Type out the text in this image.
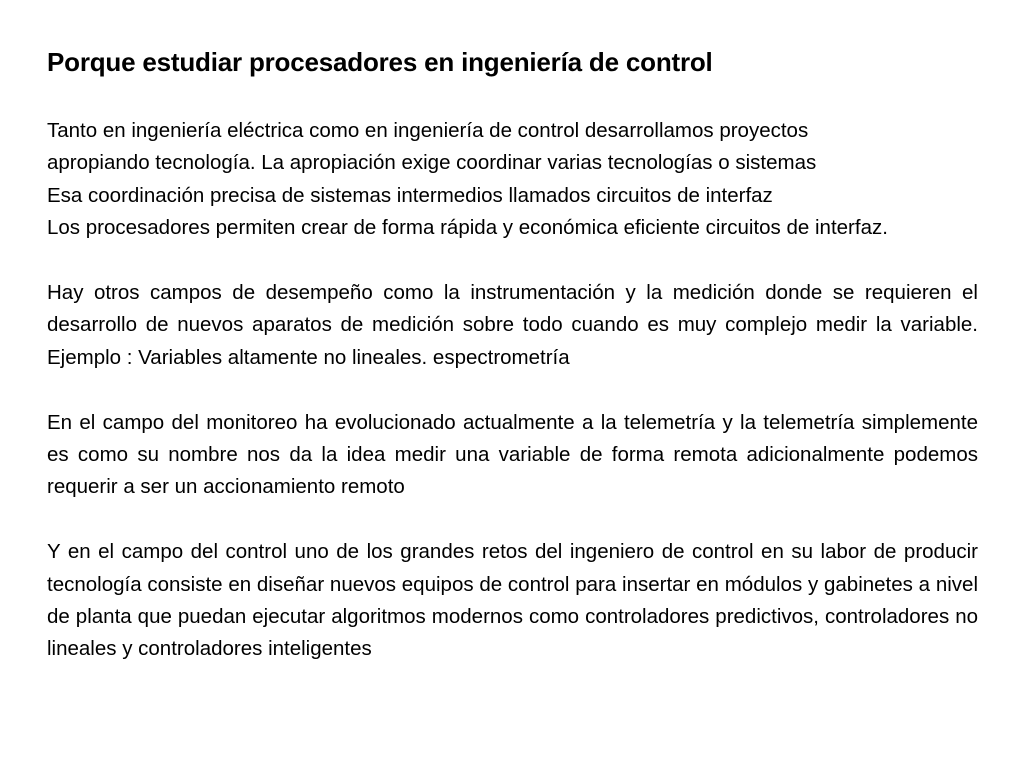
Porque estudiar procesadores en ingeniería de control
Tanto en ingeniería eléctrica como en ingeniería de control desarrollamos proyectos
apropiando tecnología. La apropiación exige coordinar varias tecnologías o sistemas
Esa coordinación precisa de sistemas intermedios llamados circuitos de interfaz

Los procesadores permiten crear de forma rápida y económica eficiente circuitos de interfaz.

Hay otros campos de desempeño como la instrumentación y la medición donde se requieren el desarrollo de nuevos aparatos de medición sobre todo cuando es muy complejo medir la variable. Ejemplo : Variables altamente no lineales. espectrometría

En el campo del monitoreo ha evolucionado actualmente a la telemetría y la telemetría simplemente es como su nombre nos da la idea medir una variable de forma remota adicionalmente podemos requerir a ser un accionamiento remoto

Y en el campo del control uno de los grandes retos del ingeniero de control en su labor de producir tecnología consiste en diseñar nuevos equipos de control para insertar en módulos y gabinetes a nivel de planta que puedan ejecutar algoritmos modernos como controladores predictivos, controladores no lineales y controladores inteligentes
